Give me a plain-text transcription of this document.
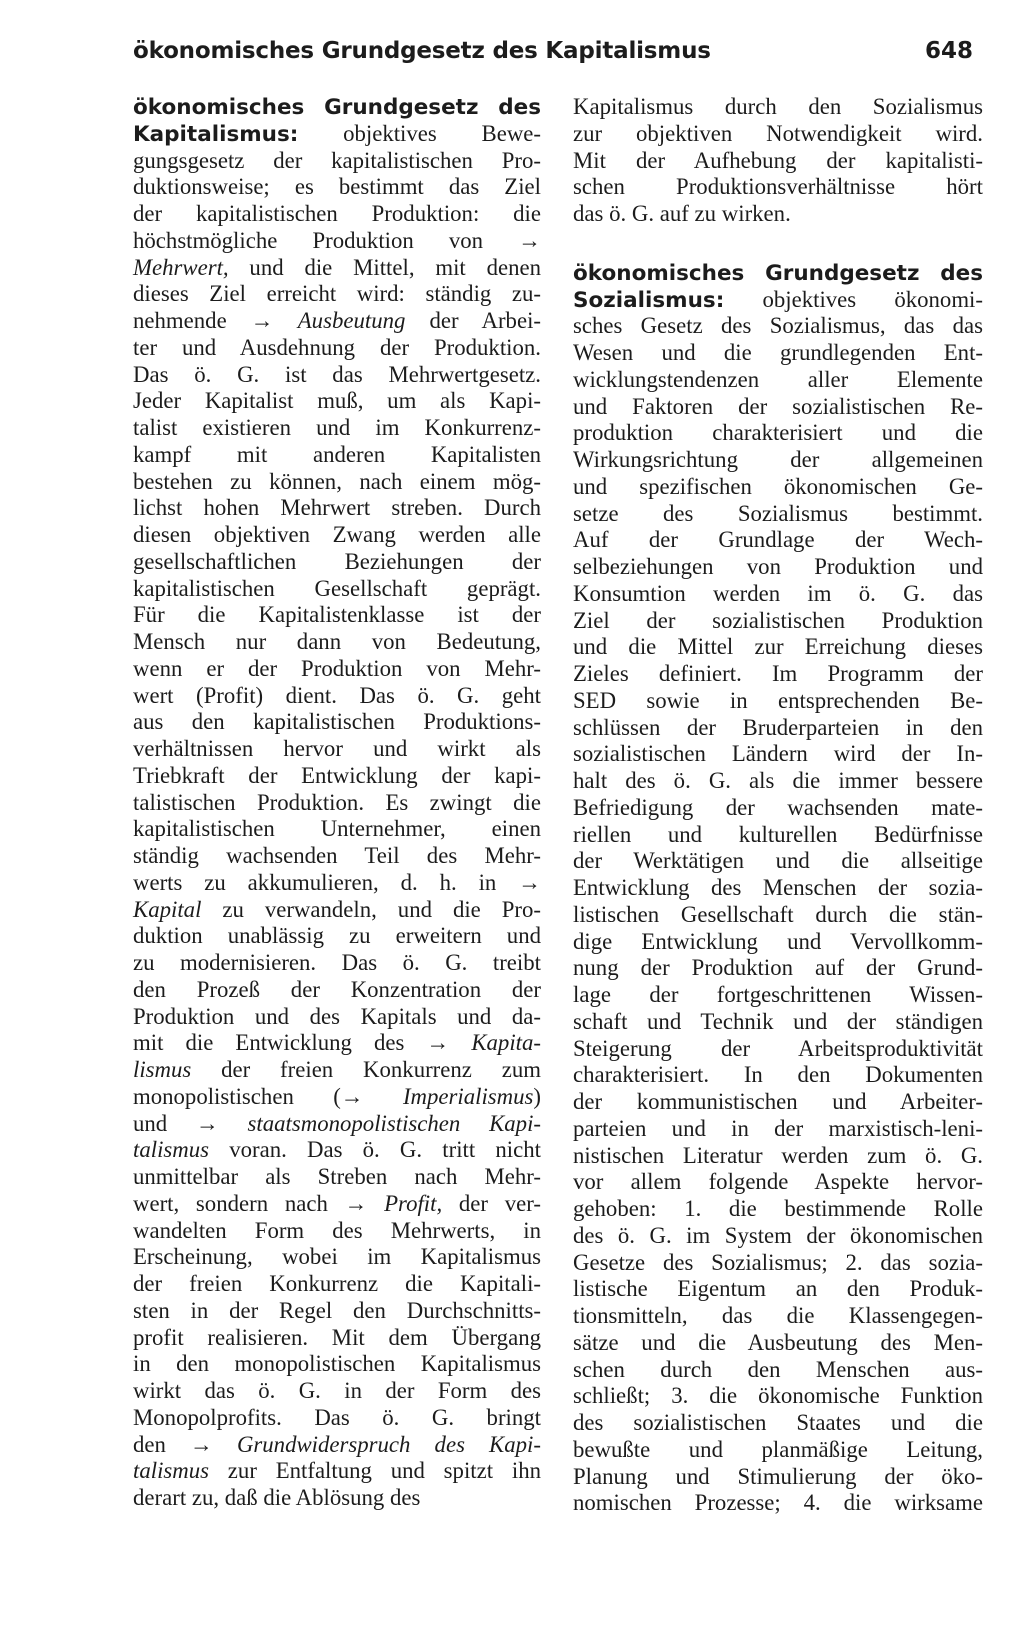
ökonomisches Grundgesetz des Kapitalismus	648
ökonomisches Grundgesetz des
Kapitalismus: objektives Bewe-
gungsgesetz der kapitalistischen Pro-
duktionsweise; es bestimmt das Ziel
der kapitalistischen Produktion: die
höchstmögliche Produktion von →
Mehrwert, und die Mittel, mit denen
dieses Ziel erreicht wird: ständig zu-
nehmende → Ausbeutung der Arbei-
ter und Ausdehnung der Produktion.
Das ö. G. ist das Mehrwertgesetz.
Jeder Kapitalist muß, um als Kapi-
talist existieren und im Konkurrenz-
kampf mit anderen Kapitalisten
bestehen zu können, nach einem mög-
lichst hohen Mehrwert streben. Durch
diesen objektiven Zwang werden alle
gesellschaftlichen Beziehungen der
kapitalistischen Gesellschaft geprägt.
Für die Kapitalistenklasse ist der
Mensch nur dann von Bedeutung,
wenn er der Produktion von Mehr-
wert (Profit) dient. Das ö. G. geht
aus den kapitalistischen Produktions-
verhältnissen hervor und wirkt als
Triebkraft der Entwicklung der kapi-
talistischen Produktion. Es zwingt die
kapitalistischen Unternehmer, einen
ständig wachsenden Teil des Mehr-
werts zu akkumulieren, d. h. in →
Kapital zu verwandeln, und die Pro-
duktion unablässig zu erweitern und
zu modernisieren. Das ö. G. treibt
den Prozeß der Konzentration der
Produktion und des Kapitals und da-
mit die Entwicklung des → Kapita-
lismus der freien Konkurrenz zum
monopolistischen (→ Imperialismus)
und → staatsmonopolistischen Kapi-
talismus voran. Das ö. G. tritt nicht
unmittelbar als Streben nach Mehr-
wert, sondern nach → Profit, der ver-
wandelten Form des Mehrwerts, in
Erscheinung, wobei im Kapitalismus
der freien Konkurrenz die Kapitali-
sten in der Regel den Durchschnitts-
profit realisieren. Mit dem Übergang
in den monopolistischen Kapitalismus
wirkt das ö. G. in der Form des
Monopolprofits. Das ö. G. bringt
den → Grundwiderspruch des Kapi-
talismus zur Entfaltung und spitzt ihn
derart zu, daß die Ablösung des
Kapitalismus durch den Sozialismus
zur objektiven Notwendigkeit wird.
Mit der Aufhebung der kapitalisti-
schen Produktionsverhältnisse hört
das ö. G. auf zu wirken.
ökonomisches Grundgesetz des
Sozialismus: objektives ökonomi-
sches Gesetz des Sozialismus, das das
Wesen und die grundlegenden Ent-
wicklungstendenzen aller Elemente
und Faktoren der sozialistischen Re-
produktion charakterisiert und die
Wirkungsrichtung der allgemeinen
und spezifischen ökonomischen Ge-
setze des Sozialismus bestimmt.
Auf der Grundlage der Wech-
selbeziehungen von Produktion und
Konsumtion werden im ö. G. das
Ziel der sozialistischen Produktion
und die Mittel zur Erreichung dieses
Zieles definiert. Im Programm der
SED sowie in entsprechenden Be-
schlüssen der Bruderparteien in den
sozialistischen Ländern wird der In-
halt des ö. G. als die immer bessere
Befriedigung der wachsenden mate-
riellen und kulturellen Bedürfnisse
der Werktätigen und die allseitige
Entwicklung des Menschen der sozia-
listischen Gesellschaft durch die stän-
dige Entwicklung und Vervollkomm-
nung der Produktion auf der Grund-
lage der fortgeschrittenen Wissen-
schaft und Technik und der ständigen
Steigerung der Arbeitsproduktivität
charakterisiert. In den Dokumenten
der kommunistischen und Arbeiter-
parteien und in der marxistisch-leni-
nistischen Literatur werden zum ö. G.
vor allem folgende Aspekte hervor-
gehoben: 1. die bestimmende Rolle
des ö. G. im System der ökonomischen
Gesetze des Sozialismus; 2. das sozia-
listische Eigentum an den Produk-
tionsmitteln, das die Klassengegen-
sätze und die Ausbeutung des Men-
schen durch den Menschen aus-
schließt; 3. die ökonomische Funktion
des sozialistischen Staates und die
bewußte und planmäßige Leitung,
Planung und Stimulierung der öko-
nomischen Prozesse; 4. die wirksame
